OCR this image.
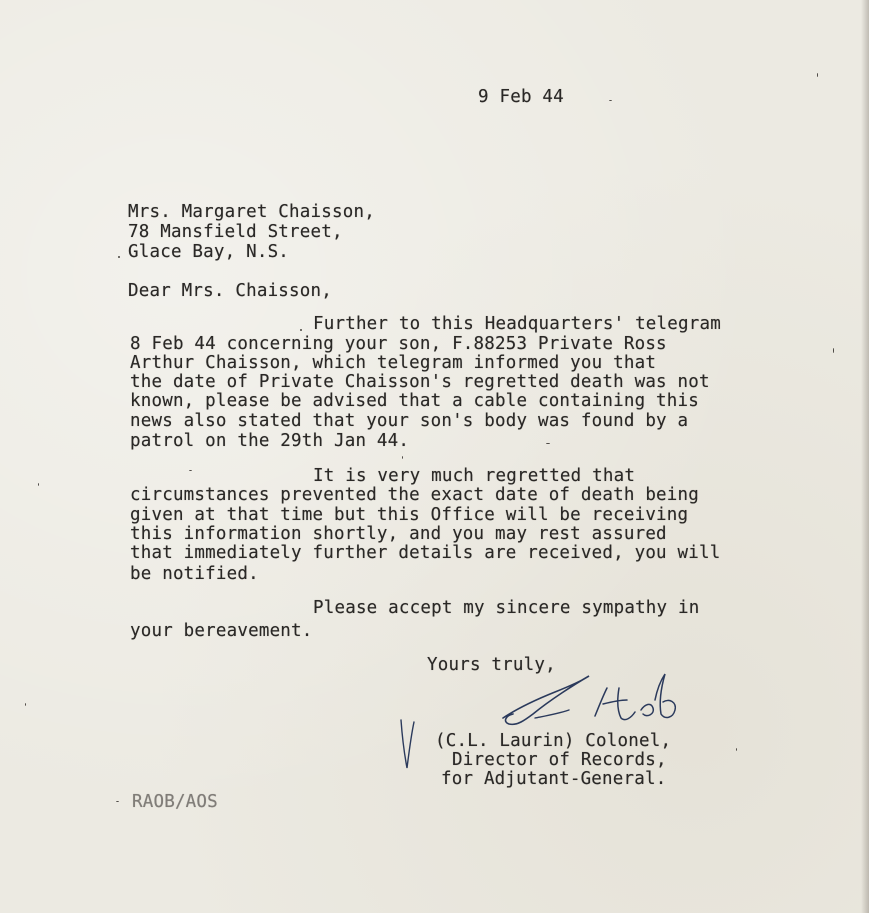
9 Feb 44
Mrs. Margaret Chaisson,
78 Mansfield Street,
Glace Bay, N.S.
Dear Mrs. Chaisson,
Further to this Headquarters' telegram
8 Feb 44 concerning your son, F.88253 Private Ross
Arthur Chaisson, which telegram informed you that
the date of Private Chaisson's regretted death was not
known, please be advised that a cable containing this
news also stated that your son's body was found by a
patrol on the 29th Jan 44.
It is very much regretted that
circumstances prevented the exact date of death being
given at that time but this Office will be receiving
this information shortly, and you may rest assured
that immediately further details are received, you will
be notified.
Please accept my sincere sympathy in
your bereavement.
Yours truly,
(C.L. Laurin) Colonel,
Director of Records,
for Adjutant-General.
RAOB/AOS
